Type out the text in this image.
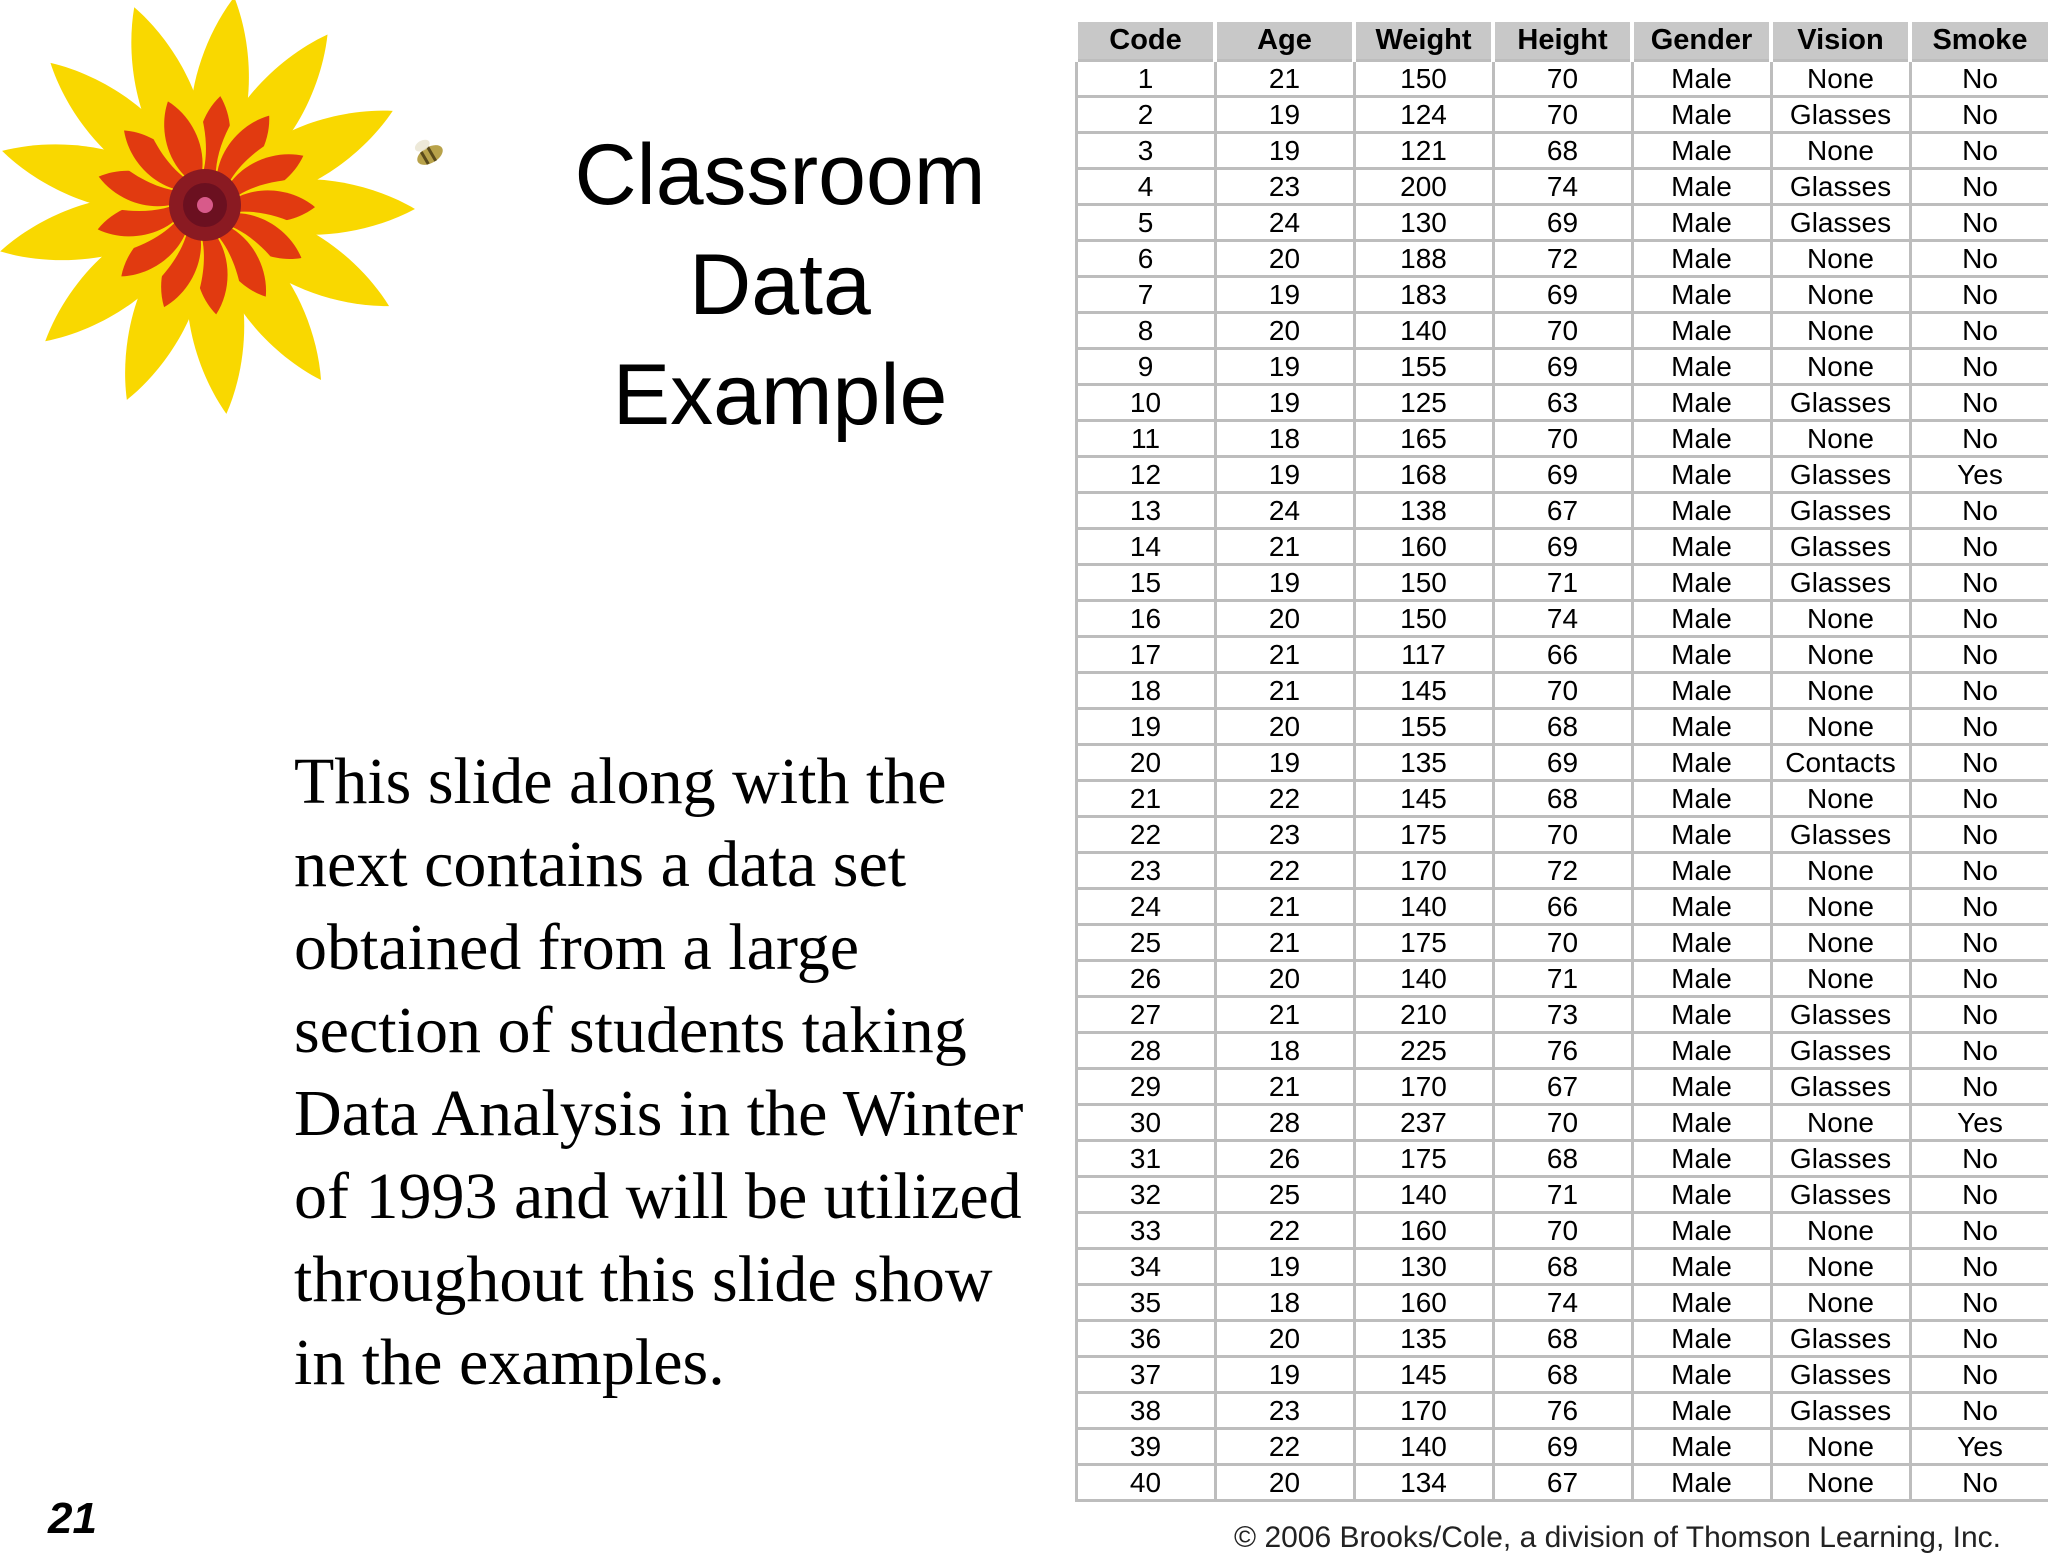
Classroom
Data
Example
This slide along with the next contains a data set obtained from a large section of students taking Data Analysis in the Winter of 1993 and will be utilized throughout this slide show in the examples.
21
Code	Age	Weight	Height	Gender	Vision	Smoke
1	21	150	70	Male	None	No
2	19	124	70	Male	Glasses	No
3	19	121	68	Male	None	No
4	23	200	74	Male	Glasses	No
5	24	130	69	Male	Glasses	No
6	20	188	72	Male	None	No
7	19	183	69	Male	None	No
8	20	140	70	Male	None	No
9	19	155	69	Male	None	No
10	19	125	63	Male	Glasses	No
11	18	165	70	Male	None	No
12	19	168	69	Male	Glasses	Yes
13	24	138	67	Male	Glasses	No
14	21	160	69	Male	Glasses	No
15	19	150	71	Male	Glasses	No
16	20	150	74	Male	None	No
17	21	117	66	Male	None	No
18	21	145	70	Male	None	No
19	20	155	68	Male	None	No
20	19	135	69	Male	Contacts	No
21	22	145	68	Male	None	No
22	23	175	70	Male	Glasses	No
23	22	170	72	Male	None	No
24	21	140	66	Male	None	No
25	21	175	70	Male	None	No
26	20	140	71	Male	None	No
27	21	210	73	Male	Glasses	No
28	18	225	76	Male	Glasses	No
29	21	170	67	Male	Glasses	No
30	28	237	70	Male	None	Yes
31	26	175	68	Male	Glasses	No
32	25	140	71	Male	Glasses	No
33	22	160	70	Male	None	No
34	19	130	68	Male	None	No
35	18	160	74	Male	None	No
36	20	135	68	Male	Glasses	No
37	19	145	68	Male	Glasses	No
38	23	170	76	Male	Glasses	No
39	22	140	69	Male	None	Yes
40	20	134	67	Male	None	No
© 2006 Brooks/Cole, a division of Thomson Learning, Inc.
